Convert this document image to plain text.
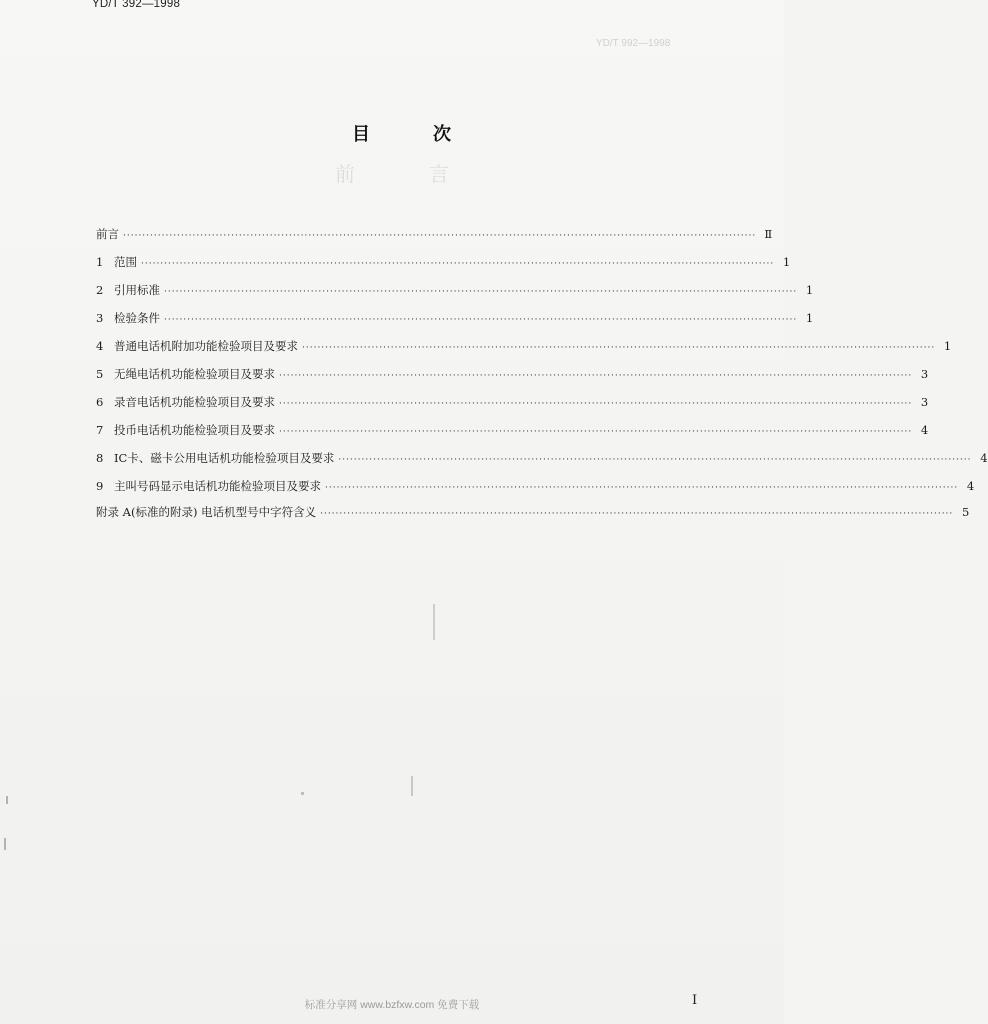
YD/T 392—1998
YD/T 992—1998
前言
目次
前言 ···································································································································································· Ⅱ
1 范围 ···································································································································································· 1
2 引用标准 ···································································································································································· 1
3 检验条件 ···································································································································································· 1
4 普通电话机附加功能检验项目及要求 ···································································································································································· 1
5 无绳电话机功能检验项目及要求 ···································································································································································· 3
6 录音电话机功能检验项目及要求 ···································································································································································· 3
7 投币电话机功能检验项目及要求 ···································································································································································· 4
8 IC卡、磁卡公用电话机功能检验项目及要求 ···································································································································································· 4
9 主叫号码显示电话机功能检验项目及要求 ···································································································································································· 4
附录 A(标准的附录) 电话机型号中字符含义 ···································································································································································· 5
标准分享网 www.bzfxw.com 免费下载	I
